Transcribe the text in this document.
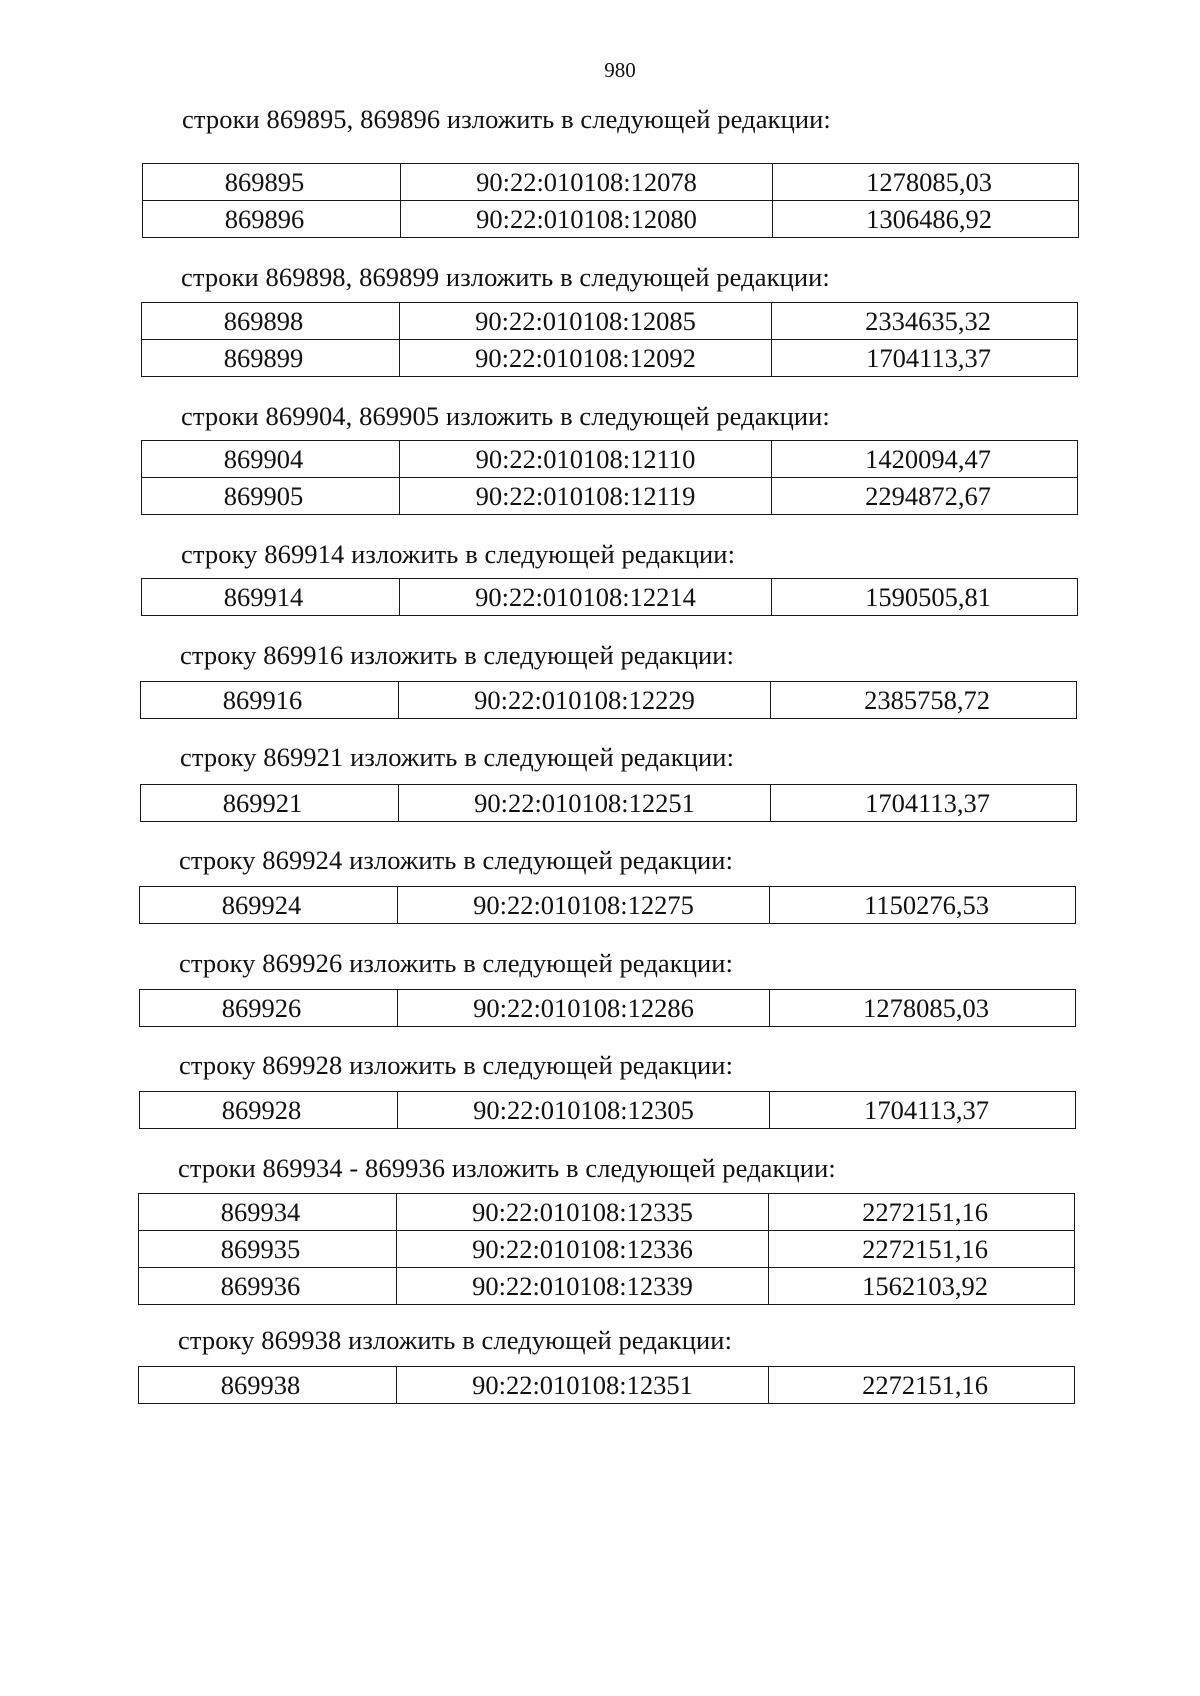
980
строки 869895, 869896 изложить в следующей редакции:
869895	90:22:010108:12078	1278085,03
869896	90:22:010108:12080	1306486,92
строки 869898, 869899 изложить в следующей редакции:
869898	90:22:010108:12085	2334635,32
869899	90:22:010108:12092	1704113,37
строки 869904, 869905 изложить в следующей редакции:
869904	90:22:010108:12110	1420094,47
869905	90:22:010108:12119	2294872,67
строку 869914 изложить в следующей редакции:
869914	90:22:010108:12214	1590505,81
строку 869916 изложить в следующей редакции:
869916	90:22:010108:12229	2385758,72
строку 869921 изложить в следующей редакции:
869921	90:22:010108:12251	1704113,37
строку 869924 изложить в следующей редакции:
869924	90:22:010108:12275	1150276,53
строку 869926 изложить в следующей редакции:
869926	90:22:010108:12286	1278085,03
строку 869928 изложить в следующей редакции:
869928	90:22:010108:12305	1704113,37
строки 869934 - 869936 изложить в следующей редакции:
869934	90:22:010108:12335	2272151,16
869935	90:22:010108:12336	2272151,16
869936	90:22:010108:12339	1562103,92
строку 869938 изложить в следующей редакции:
869938	90:22:010108:12351	2272151,16
